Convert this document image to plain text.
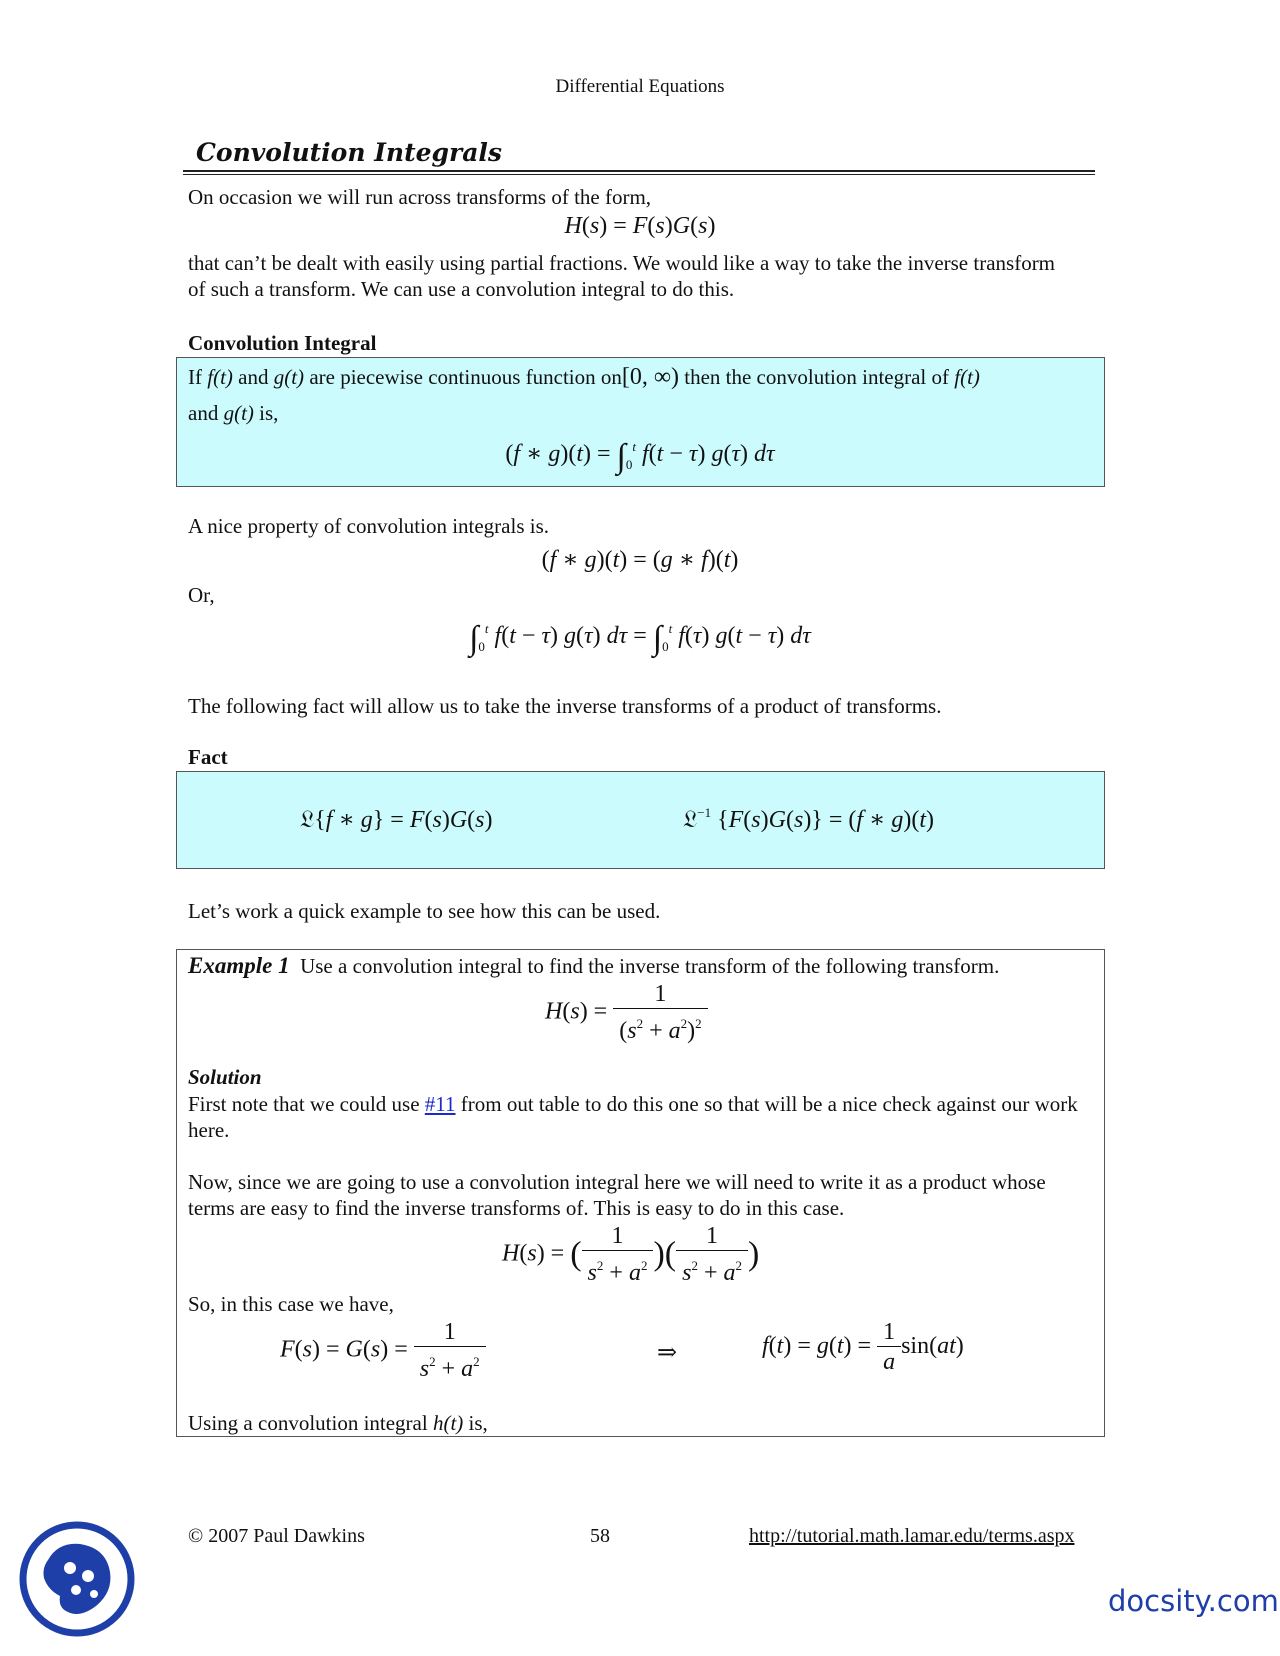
Differential Equations
Convolution Integrals
On occasion we will run across transforms of the form,
H(s) = F(s)G(s)
that can’t be dealt with easily using partial fractions. We would like a way to take the inverse transform of such a transform. We can use a convolution integral to do this.
Convolution Integral
If f(t) and g(t) are piecewise continuous function on[0, ∞) then the convolution integral of f(t)
and g(t) is,
(f ∗ $g)(t) = \int_0^t$ f(t − τ) g(τ) dτ
A nice property of convolution integrals is.
(f ∗ g)(t) = (g ∗ f)(t)
Or,
$\int_0^t$ f(t − τ) g(τ) $d\tau = \int_0^t$ f(τ) g(t − τ) dτ
The following fact will allow us to take the inverse transforms of a product of transforms.
Fact
𝔏{f ∗ g} = F(s)G(s)	𝔏$^{-1}$ {F(s)G(s)} = (f ∗ g)(t)
Let’s work a quick example to see how this can be used.
Example 1 Use a convolution integral to find the inverse transform of the following transform.
$H(s) = \frac{1}{(s^2 + a^2)^2}$
Solution
First note that we could use #11 from out table to do this one so that will be a nice check against our work here.
Now, since we are going to use a convolution integral here we will need to write it as a product whose terms are easy to find the inverse transforms of. This is easy to do in this case.
H(s) = ( $\frac{1}{s^2 + a^2}$ )( $\frac{1}{s^2 + a^2}$ )
So, in this case we have,
$F(s) = G(s) = \frac{1}{s^2 + a^2}$	⇒	$f(t) = g(t) = \frac{1}{a} \sin(at)$
Using a convolution integral h(t) is,
© 2007 Paul Dawkins	58	http://tutorial.math.lamar.edu/terms.aspx
docsity.com
